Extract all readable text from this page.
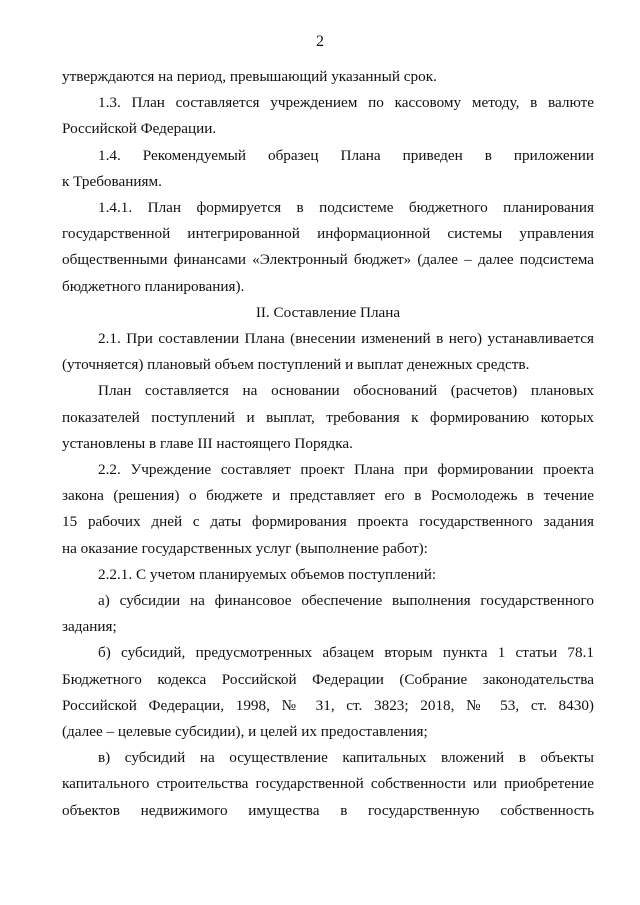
2

утверждаются на период, превышающий указанный срок.

1.3. План составляется учреждением по кассовому методу, в валюте

Российской Федерации.

1.4. Рекомендуемый образец Плана приведен в приложении

к Требованиям.

1.4.1. План формируется в подсистеме бюджетного планирования

государственной интегрированной информационной системы управления

общественными финансами «Электронный бюджет» (далее – далее подсистема

бюджетного планирования).

II. Составление Плана

2.1. При составлении Плана (внесении изменений в него) устанавливается

(уточняется) плановый объем поступлений и выплат денежных средств.

План составляется на основании обоснований (расчетов) плановых

показателей поступлений и выплат, требования к формированию которых

установлены в главе III настоящего Порядка.

2.2. Учреждение составляет проект Плана при формировании проекта

закона (решения) о бюджете и представляет его в Росмолодежь в течение

15 рабочих дней с даты формирования проекта государственного задания

на оказание государственных услуг (выполнение работ):

2.2.1. С учетом планируемых объемов поступлений:

а) субсидии на финансовое обеспечение выполнения государственного

задания;

б) субсидий, предусмотренных абзацем вторым пункта 1 статьи 78.1

Бюджетного кодекса Российской Федерации (Собрание законодательства

Российской Федерации, 1998, № 31, ст. 3823; 2018, № 53, ст. 8430)

(далее – целевые субсидии), и целей их предоставления;

в) субсидий на осуществление капитальных вложений в объекты

капитального строительства государственной собственности или приобретение

объектов недвижимого имущества в государственную собственность
